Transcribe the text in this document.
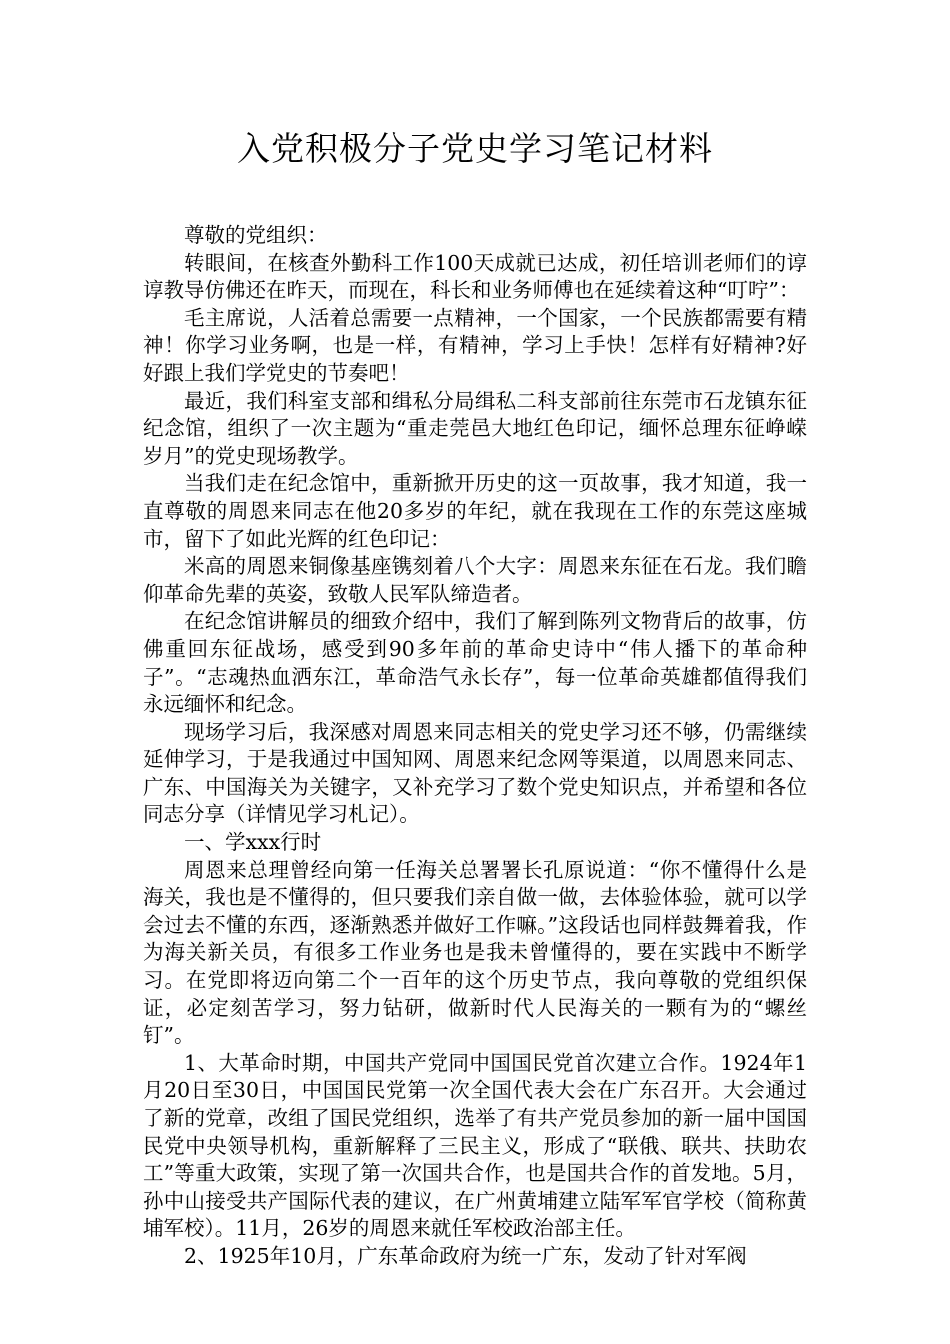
入党积极分子党史学习笔记材料

尊敬的党组织：

转眼间，在核查外勤科工作100天成就已达成，初任培训老师们的谆谆教导仿佛还在昨天，而现在，科长和业务师傅也在延续着这种“叮咛”：

毛主席说，人活着总需要一点精神，一个国家，一个民族都需要有精神！你学习业务啊，也是一样，有精神，学习上手快！怎样有好精神?好好跟上我们学党史的节奏吧！

最近，我们科室支部和缉私分局缉私二科支部前往东莞市石龙镇东征纪念馆，组织了一次主题为“重走莞邑大地红色印记，缅怀总理东征峥嵘岁月”的党史现场教学。

当我们走在纪念馆中，重新掀开历史的这一页故事，我才知道，我一直尊敬的周恩来同志在他20多岁的年纪，就在我现在工作的东莞这座城市，留下了如此光辉的红色印记：

米高的周恩来铜像基座镌刻着八个大字：周恩来东征在石龙。我们瞻仰革命先辈的英姿，致敬人民军队缔造者。

在纪念馆讲解员的细致介绍中，我们了解到陈列文物背后的故事，仿佛重回东征战场，感受到90多年前的革命史诗中“伟人播下的革命种子”。“志魂热血洒东江，革命浩气永长存”，每一位革命英雄都值得我们永远缅怀和纪念。

现场学习后，我深感对周恩来同志相关的党史学习还不够，仍需继续延伸学习，于是我通过中国知网、周恩来纪念网等渠道，以周恩来同志、广东、中国海关为关键字，又补充学习了数个党史知识点，并希望和各位同志分享（详情见学习札记）。

一、学xxx行时

周恩来总理曾经向第一任海关总署署长孔原说道：“你不懂得什么是海关，我也是不懂得的，但只要我们亲自做一做，去体验体验，就可以学会过去不懂的东西，逐渐熟悉并做好工作嘛。”这段话也同样鼓舞着我，作为海关新关员，有很多工作业务也是我未曾懂得的，要在实践中不断学习。在党即将迈向第二个一百年的这个历史节点，我向尊敬的党组织保证，必定刻苦学习，努力钻研，做新时代人民海关的一颗有为的“螺丝钉”。

1、大革命时期，中国共产党同中国国民党首次建立合作。1924年1月20日至30日，中国国民党第一次全国代表大会在广东召开。大会通过了新的党章，改组了国民党组织，选举了有共产党员参加的新一届中国国民党中央领导机构，重新解释了三民主义，形成了“联俄、联共、扶助农工”等重大政策，实现了第一次国共合作，也是国共合作的首发地。5月，孙中山接受共产国际代表的建议，在广州黄埔建立陆军军官学校（简称黄埔军校）。11月，26岁的周恩来就任军校政治部主任。

2、1925年10月，广东革命政府为统一广东，发动了针对军阀
